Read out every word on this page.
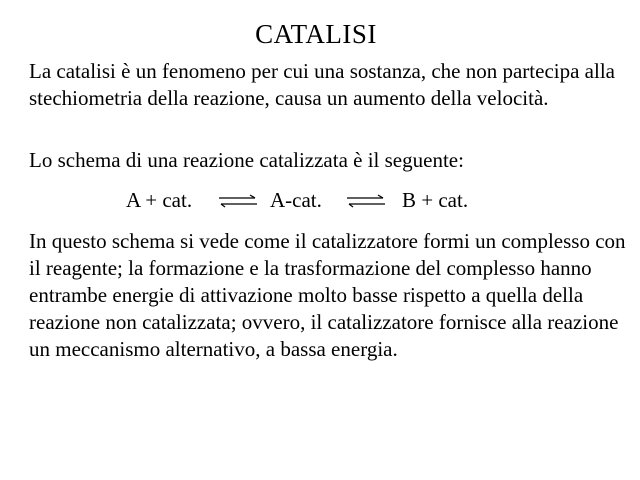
CATALISI

La catalisi è un fenomeno per cui una sostanza, che non partecipa alla stechiometria della reazione, causa un aumento della velocità.

Lo schema di una reazione catalizzata è il seguente:

A + cat. ⇌ A-cat. ⇌ B + cat.

In questo schema si vede come il catalizzatore formi un complesso con il reagente; la formazione e la trasformazione del complesso hanno entrambe energie di attivazione molto basse rispetto a quella della reazione non catalizzata; ovvero, il catalizzatore fornisce alla reazione un meccanismo alternativo, a bassa energia.
